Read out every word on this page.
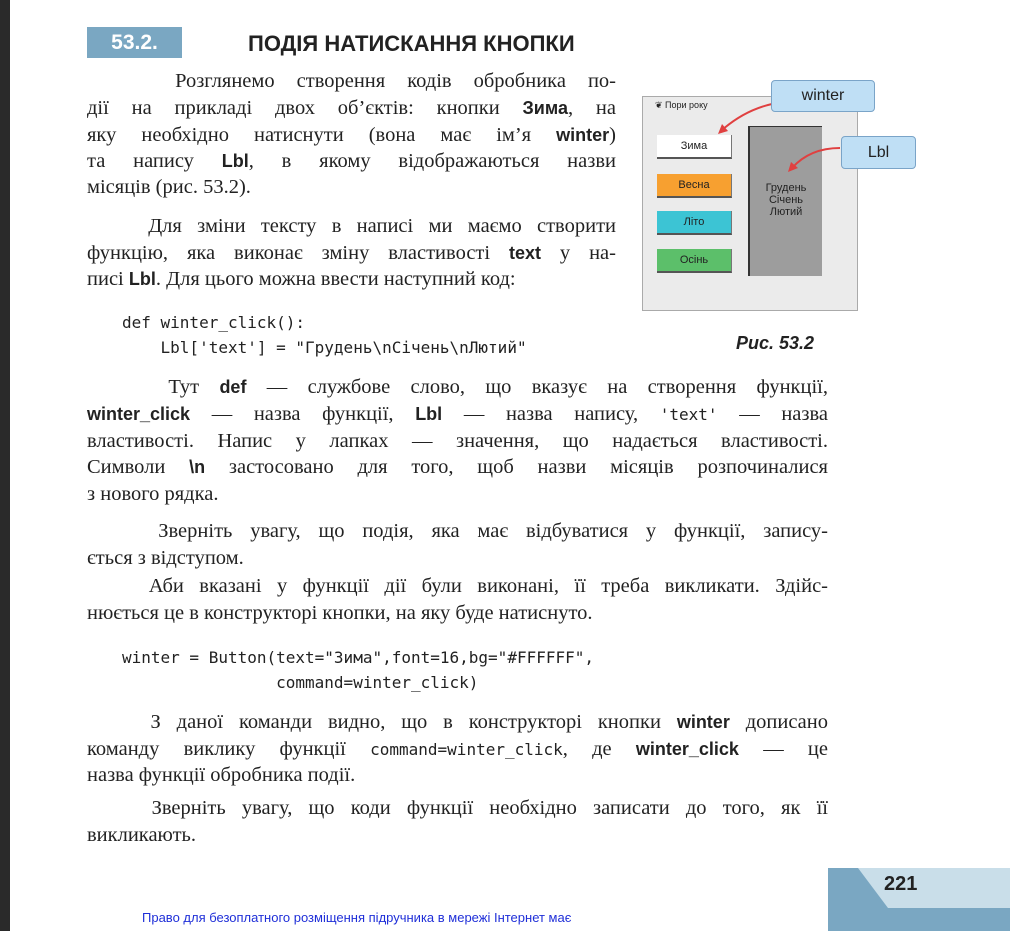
53.2.	ПОДІЯ НАТИСКАННЯ КНОПКИ
Розглянемо створення кодів обробника по-
дії на прикладі двох об’єктів: кнопки Зима, на
яку необхідно натиснути (вона має ім’я winter)
та напису Lbl, в якому відображаються назви
місяців (рис. 53.2).
Для зміни тексту в написі ми маємо створити
функцію, яка виконає зміну властивості text у на-
писі Lbl. Для цього можна ввести наступний код:
Тут def — службове слово, що вказує на створення функції,
winter_click — назва функції, Lbl — назва напису, 'text' — назва
властивості. Напис у лапках — значення, що надається властивості.
Символи \n застосовано для того, щоб назви місяців розпочиналися
з нового рядка.
Зверніть увагу, що подія, яка має відбуватися у функції, запису-
ється з відступом.
Аби вказані у функції дії були виконані, її треба викликати. Здійс-
нюється це в конструкторі кнопки, на яку буде натиснуто.
З даної команди видно, що в конструкторі кнопки winter дописано
команду виклику функції command=winter_click, де winter_click — це
назва функції обробника події.
Зверніть увагу, що коди функції необхідно записати до того, як її
викликають.
def winter_click():
Lbl['text'] = "Грудень\nCічень\nЛютий"
winter = Button(text="Зима",font=16,bg="#FFFFFF",
command=winter_click)
❦ Пори року
Зима
Весна
Літо
Осінь
Грудень
Січень
Лютий
winter
Lbl
Рис. 53.2
221
Право для безоплатного розміщення підручника в мережі Інтернет має
